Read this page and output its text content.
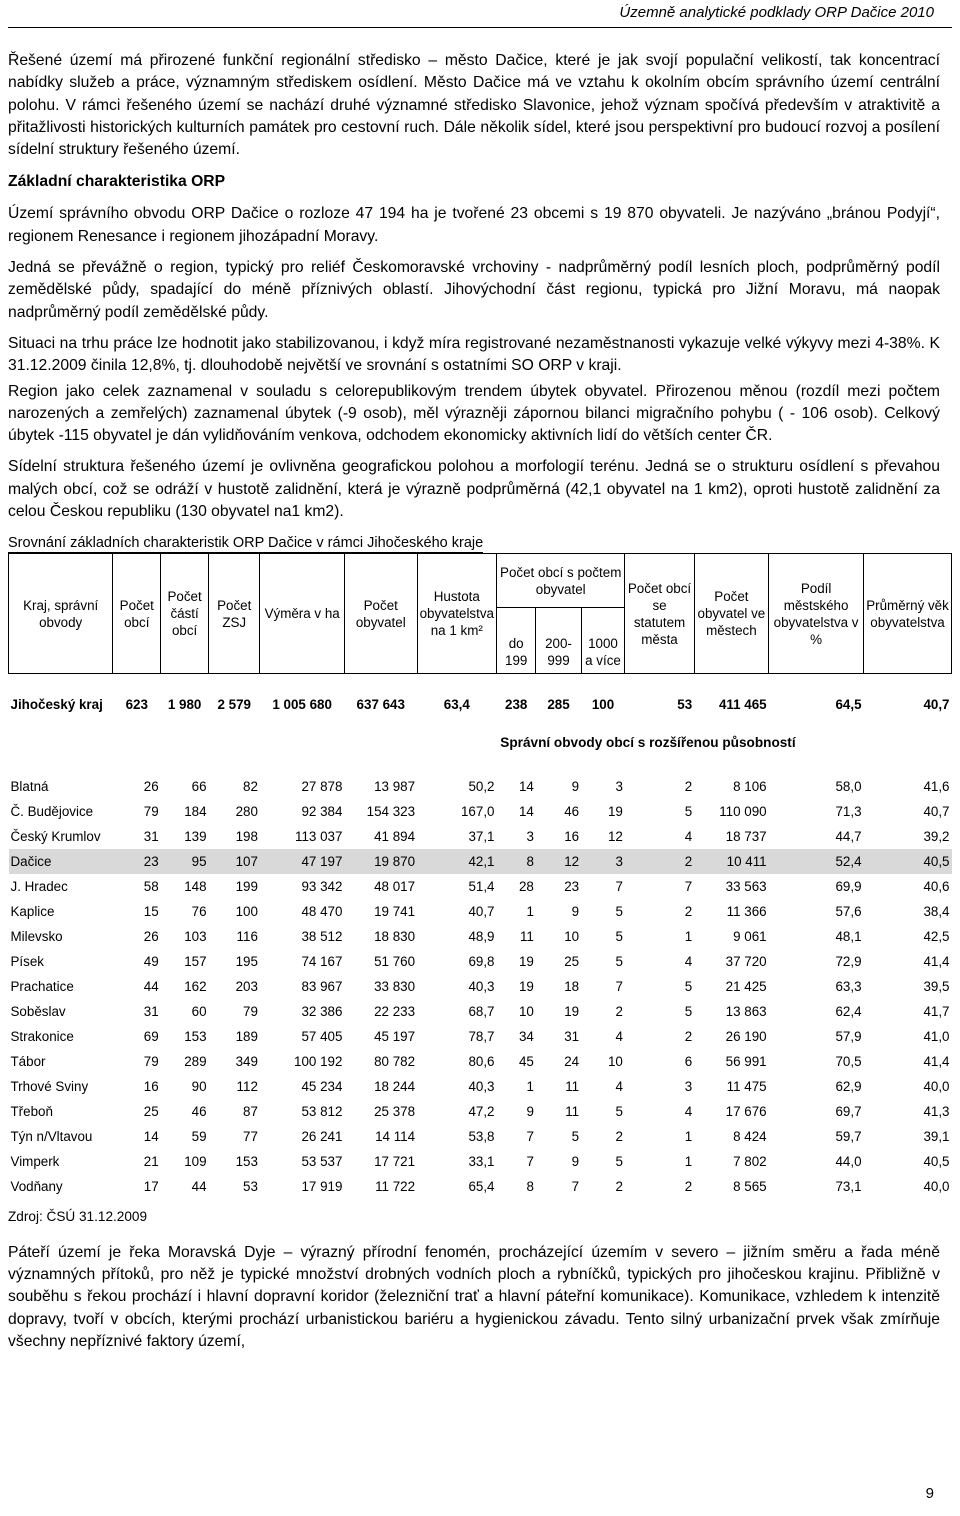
Územně analytické podklady ORP Dačice 2010

Řešené území má přirozené funkční regionální středisko – město Dačice, které je jak svojí populační velikostí, tak koncentrací nabídky služeb a práce, významným střediskem osídlení. Město Dačice má ve vztahu k okolním obcím správního území centrální polohu. V rámci řešeného území se nachází druhé významné středisko Slavonice, jehož význam spočívá především v atraktivitě a přitažlivosti historických kulturních památek pro cestovní ruch. Dále několik sídel, které jsou perspektivní pro budoucí rozvoj a posílení sídelní struktury řešeného území.

Základní charakteristika ORP

Území správního obvodu ORP Dačice o rozloze 47 194 ha je tvořené 23 obcemi s 19 870 obyvateli. Je nazýváno „bránou Podyjí“, regionem Renesance i regionem jihozápadní Moravy.

Jedná se převážně o region, typický pro reliéf Českomoravské vrchoviny - nadprůměrný podíl lesních ploch, podprůměrný podíl zemědělské půdy, spadající do méně příznivých oblastí. Jihovýchodní část regionu, typická pro Jižní Moravu, má naopak nadprůměrný podíl zemědělské půdy.

Situaci na trhu práce lze hodnotit jako stabilizovanou, i když míra registrované nezaměstnanosti vykazuje velké výkyvy mezi 4-38%. K 31.12.2009 činila 12,8%, tj. dlouhodobě největší ve srovnání s ostatními SO ORP v kraji.

Region jako celek zaznamenal v souladu s celorepublikovým trendem úbytek obyvatel. Přirozenou měnou (rozdíl mezi počtem narozených a zemřelých) zaznamenal úbytek (-9 osob), měl výrazněji zápornou bilanci migračního pohybu ( - 106 osob). Celkový úbytek -115 obyvatel je dán vylidňováním venkova, odchodem ekonomicky aktivních lidí do větších center ČR.

Sídelní struktura řešeného území je ovlivněna geografickou polohou a morfologií terénu. Jedná se o strukturu osídlení s převahou malých obcí, což se odráží v hustotě zalidnění, která je výrazně podprůměrná (42,1 obyvatel na 1 km2), oproti hustotě zalidnění za celou Českou republiku (130 obyvatel na1 km2).

Srovnání základních charakteristik ORP Dačice v rámci Jihočeského kraje
Kraj, správní obvody	Počet obcí	Počet částí obcí	Počet ZSJ	Výměra v ha	Počet obyvatel	Hustota obyvatelstva na 1 km²	Počet obcí s počtem obyvatel			Počet obcí se statutem města	Počet obyvatel ve městech	Podíl městského obyvatelstva v %	Průměrný věk obyvatelstva
							do 199	200-999	1000 a více				
Jihočeský kraj	623	1 980	2 579	1 005 680	637 643	63,4	238	285	100	53	411 465	64,5	40,7
					Správní obvody obcí s rozšířenou působností								
Blatná	26	66	82	27 878	13 987	50,2	14	9	3	2	8 106	58,0	41,6
Č. Budějovice	79	184	280	92 384	154 323	167,0	14	46	19	5	110 090	71,3	40,7
Český Krumlov	31	139	198	113 037	41 894	37,1	3	16	12	4	18 737	44,7	39,2
Dačice	23	95	107	47 197	19 870	42,1	8	12	3	2	10 411	52,4	40,5
J. Hradec	58	148	199	93 342	48 017	51,4	28	23	7	7	33 563	69,9	40,6
Kaplice	15	76	100	48 470	19 741	40,7	1	9	5	2	11 366	57,6	38,4
Milevsko	26	103	116	38 512	18 830	48,9	11	10	5	1	9 061	48,1	42,5
Písek	49	157	195	74 167	51 760	69,8	19	25	5	4	37 720	72,9	41,4
Prachatice	44	162	203	83 967	33 830	40,3	19	18	7	5	21 425	63,3	39,5
Soběslav	31	60	79	32 386	22 233	68,7	10	19	2	5	13 863	62,4	41,7
Strakonice	69	153	189	57 405	45 197	78,7	34	31	4	2	26 190	57,9	41,0
Tábor	79	289	349	100 192	80 782	80,6	45	24	10	6	56 991	70,5	41,4
Trhové Sviny	16	90	112	45 234	18 244	40,3	1	11	4	3	11 475	62,9	40,0
Třeboň	25	46	87	53 812	25 378	47,2	9	11	5	4	17 676	69,7	41,3
Týn n/Vltavou	14	59	77	26 241	14 114	53,8	7	5	2	1	8 424	59,7	39,1
Vimperk	21	109	153	53 537	17 721	33,1	7	9	5	1	7 802	44,0	40,5
Vodňany	17	44	53	17 919	11 722	65,4	8	7	2	2	8 565	73,1	40,0
Zdroj: ČSÚ 31.12.2009

Páteří území je řeka Moravská Dyje – výrazný přírodní fenomén, procházející územím v severo – jižním směru a řada méně významných přítoků, pro něž je typické množství drobných vodních ploch a rybníčků, typických pro jihočeskou krajinu. Přibližně v souběhu s řekou prochází i hlavní dopravní koridor (železniční trať a hlavní páteřní komunikace). Komunikace, vzhledem k intenzitě dopravy, tvoří v obcích, kterými prochází urbanistickou bariéru a hygienickou závadu. Tento silný urbanizační prvek však zmírňuje všechny nepříznivé faktory území,

9
